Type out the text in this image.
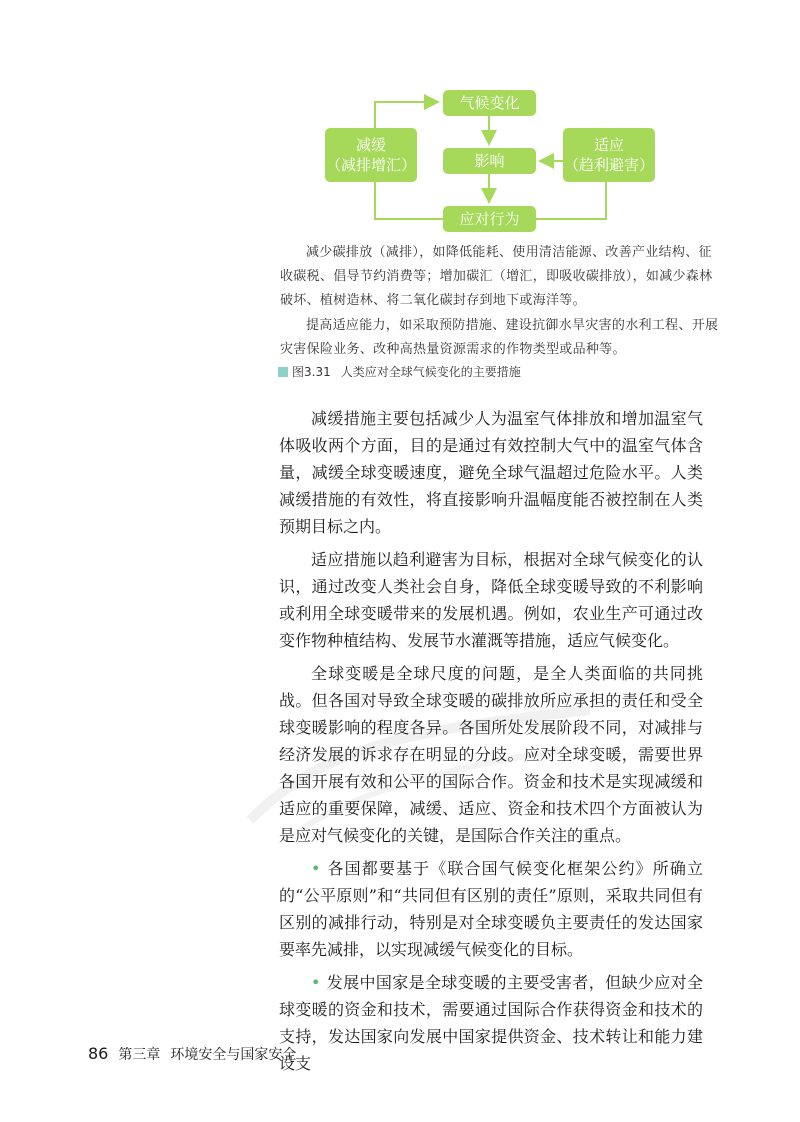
气候变化
影响
应对行为
减缓
（减排增汇）
适应
（趋利避害）
减少碳排放（减排），如降低能耗、使用清洁能源、改善产业结构、征收碳税、倡导节约消费等；增加碳汇（增汇，即吸收碳排放），如减少森林破坏、植树造林、将二氧化碳封存到地下或海洋等。
提高适应能力，如采取预防措施、建设抗御水旱灾害的水利工程、开展灾害保险业务、改种高热量资源需求的作物类型或品种等。
图3.31 人类应对全球气候变化的主要措施

减缓措施主要包括减少人为温室气体排放和增加温室气体吸收两个方面，目的是通过有效控制大气中的温室气体含量，减缓全球变暖速度，避免全球气温超过危险水平。人类减缓措施的有效性，将直接影响升温幅度能否被控制在人类预期目标之内。

适应措施以趋利避害为目标，根据对全球气候变化的认识，通过改变人类社会自身，降低全球变暖导致的不利影响或利用全球变暖带来的发展机遇。例如，农业生产可通过改变作物种植结构、发展节水灌溉等措施，适应气候变化。

全球变暖是全球尺度的问题，是全人类面临的共同挑战。但各国对导致全球变暖的碳排放所应承担的责任和受全球变暖影响的程度各异。各国所处发展阶段不同，对减排与经济发展的诉求存在明显的分歧。应对全球变暖，需要世界各国开展有效和公平的国际合作。资金和技术是实现减缓和适应的重要保障，减缓、适应、资金和技术四个方面被认为是应对气候变化的关键，是国际合作关注的重点。

• 各国都要基于《联合国气候变化框架公约》所确立的“公平原则”和“共同但有区别的责任”原则，采取共同但有区别的减排行动，特别是对全球变暖负主要责任的发达国家要率先减排，以实现减缓气候变化的目标。

• 发展中国家是全球变暖的主要受害者，但缺少应对全球变暖的资金和技术，需要通过国际合作获得资金和技术的支持，发达国家向发展中国家提供资金、技术转让和能力建设支

86 第三章 环境安全与国家安全
